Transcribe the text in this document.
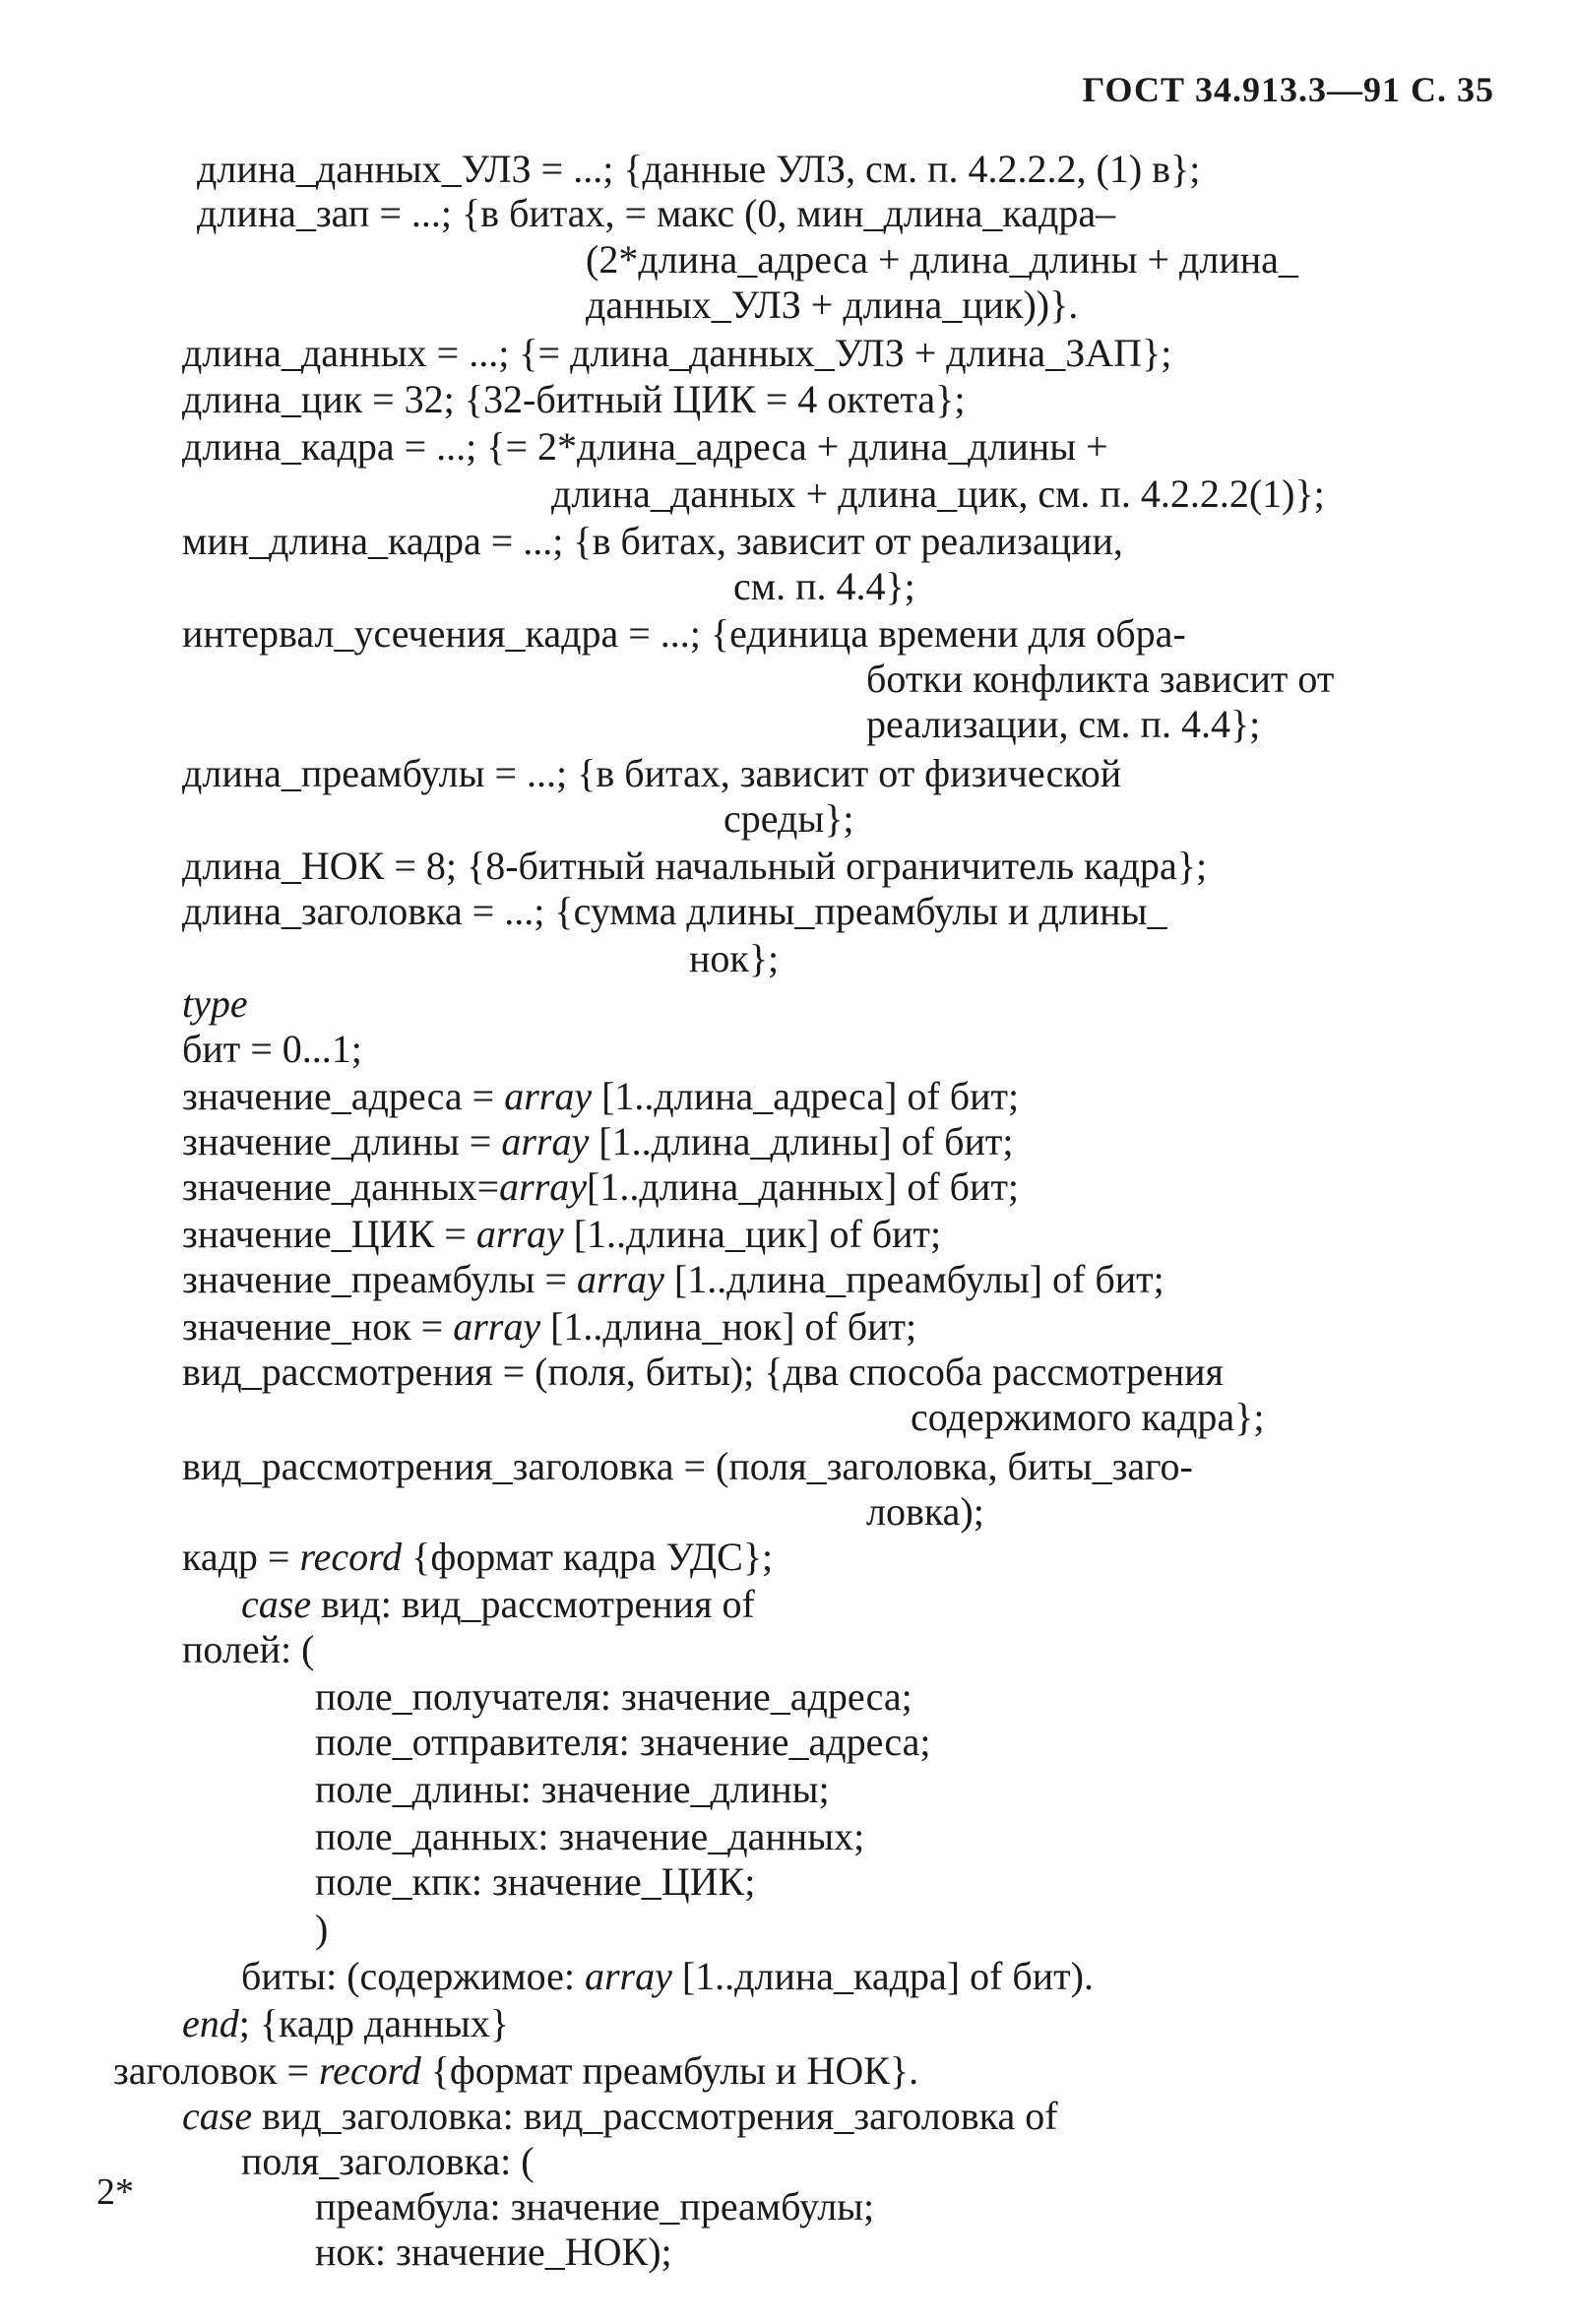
ГОСТ 34.913.3—91 С. 35
длина_данных_УЛЗ = ...; {данные УЛЗ, см. п. 4.2.2.2, (1) в};
длина_зап = ...; {в битах, = макс (0, мин_длина_кадра–
(2*длина_адреса + длина_длины + длина_
данных_УЛЗ + длина_цик))}.
длина_данных = ...; {= длина_данных_УЛЗ + длина_ЗАП};
длина_цик = 32; {32-битный ЦИК = 4 октета};
длина_кадра = ...; {= 2*длина_адреса + длина_длины +
длина_данных + длина_цик, см. п. 4.2.2.2(1)};
мин_длина_кадра = ...; {в битах, зависит от реализации,
см. п. 4.4};
интервал_усечения_кадра = ...; {единица времени для обра-
ботки конфликта зависит от
реализации, см. п. 4.4};
длина_преамбулы = ...; {в битах, зависит от физической
среды};
длина_НОК = 8; {8-битный начальный ограничитель кадра};
длина_заголовка = ...; {сумма длины_преамбулы и длины_
нок};
type
бит = 0...1;
значение_адреса = array [1..длина_адреса] of бит;
значение_длины = array [1..длина_длины] of бит;
значение_данных=array[1..длина_данных] of бит;
значение_ЦИК = array [1..длина_цик] of бит;
значение_преамбулы = array [1..длина_преамбулы] of бит;
значение_нок = array [1..длина_нок] of бит;
вид_рассмотрения = (поля, биты); {два способа рассмотрения
содержимого кадра};
вид_рассмотрения_заголовка = (поля_заголовка, биты_заго-
ловка);
кадр = record {формат кадра УДС};
case вид: вид_рассмотрения of
полей: (
поле_получателя: значение_адреса;
поле_отправителя: значение_адреса;
поле_длины: значение_длины;
поле_данных: значение_данных;
поле_кпк: значение_ЦИК;
)
биты: (содержимое: array [1..длина_кадра] of бит).
end; {кадр данных}
заголовок = record {формат преамбулы и НОК}.
case вид_заголовка: вид_рассмотрения_заголовка of
поля_заголовка: (
преамбула: значение_преамбулы;
нок: значение_НОК);
2*
